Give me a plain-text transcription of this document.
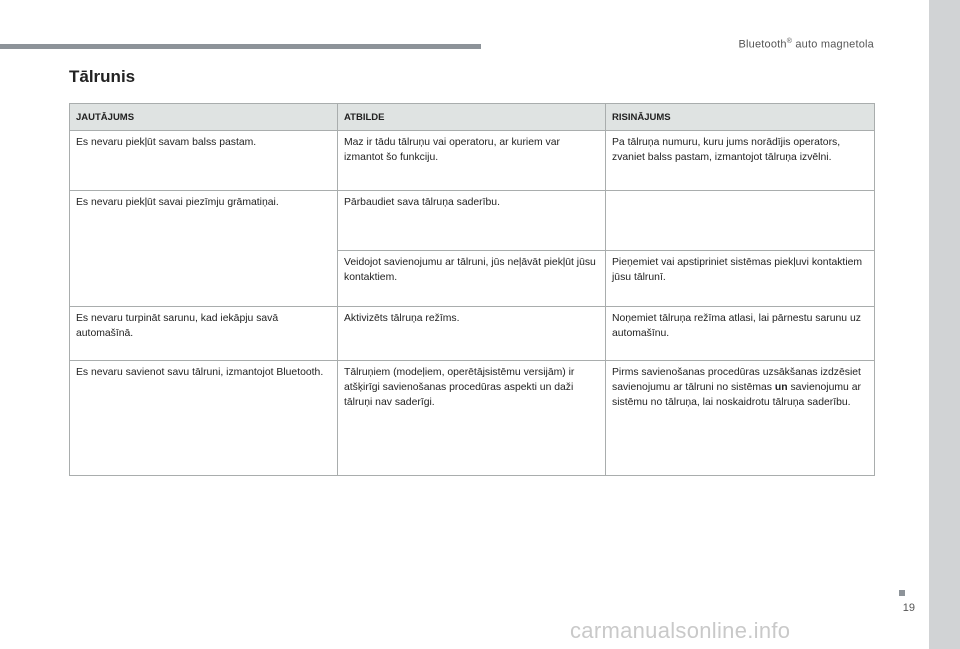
Bluetooth® auto magnetola
Tālrunis
JAUTĀJUMS	ATBILDE	RISINĀJUMS
Es nevaru piekļūt savam balss pastam.	Maz ir tādu tālruņu vai operatoru, ar kuriem var izmantot šo funkciju.	Pa tālruņa numuru, kuru jums norādījis operators, zvaniet balss pastam, izmantojot tālruņa izvēlni.
Es nevaru piekļūt savai piezīmju grāmatiņai.	Pārbaudiet sava tālruņa saderību.	
	Veidojot savienojumu ar tālruni, jūs neļāvāt piekļūt jūsu kontaktiem.	Pieņemiet vai apstipriniet sistēmas piekļuvi kontaktiem jūsu tālrunī.
Es nevaru turpināt sarunu, kad iekāpju savā automašīnā.	Aktivizēts tālruņa režīms.	Noņemiet tālruņa režīma atlasi, lai pārnestu sarunu uz automašīnu.
Es nevaru savienot savu tālruni, izmantojot Bluetooth.	Tālruņiem (modeļiem, operētājsistēmu versijām) ir atšķirīgi savienošanas procedūras aspekti un daži tālruņi nav saderīgi.	Pirms savienošanas procedūras uzsākšanas izdzēsiet savienojumu ar tālruni no sistēmas un savienojumu ar sistēmu no tālruņa, lai noskaidrotu tālruņa saderību.
19
carmanualsonline.info
